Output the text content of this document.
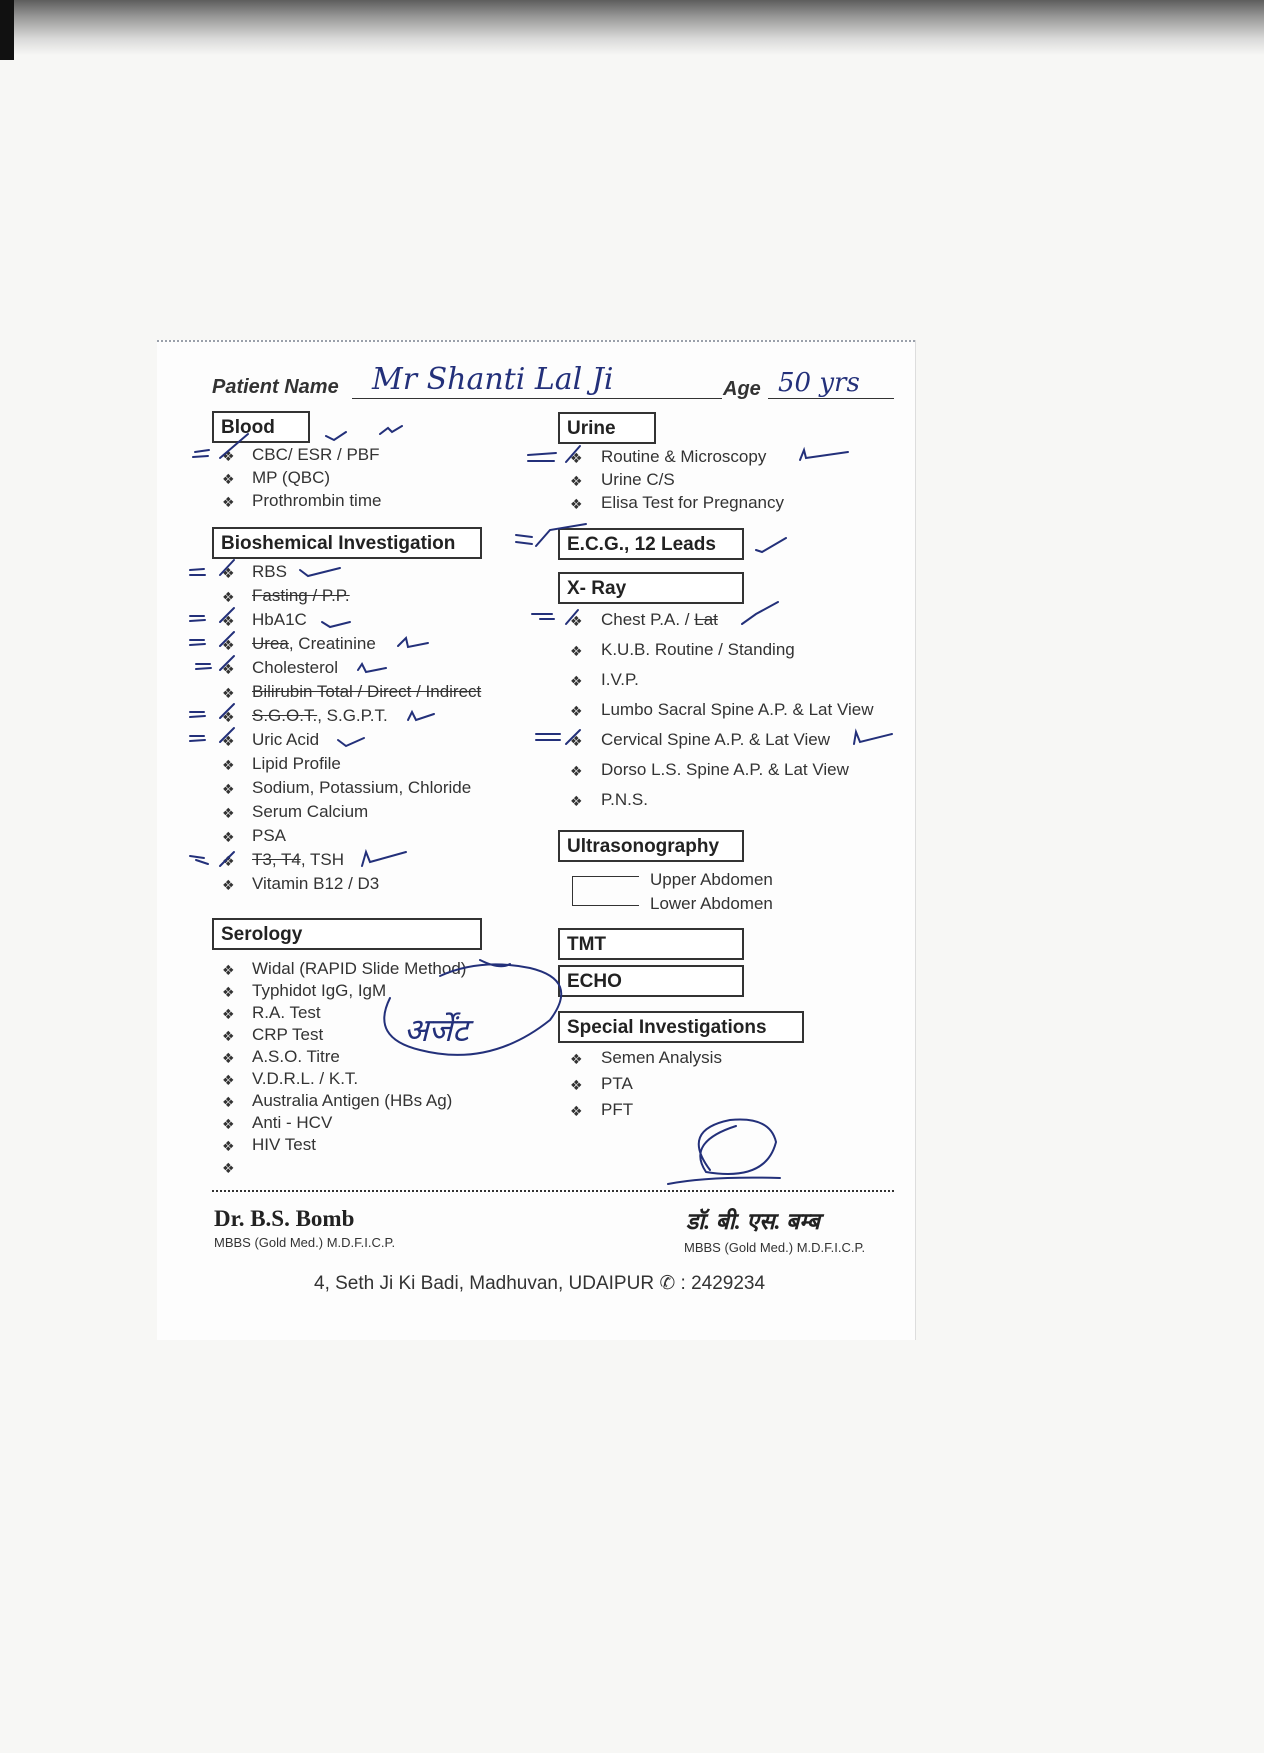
Patient Name Mr Shanti Lal Ji	Age 50 yrs
Blood
❖ CBC/ ESR / PBF
❖ MP (QBC)
❖ Prothrombin time
Bioshemical Investigation
❖ RBS
❖ Fasting / P.P.
❖ HbA1C
❖ Urea, Creatinine
❖ Cholesterol
❖ Bilirubin Total / Direct / Indirect
❖ S.G.O.T., S.G.P.T.
❖ Uric Acid
❖ Lipid Profile
❖ Sodium, Potassium, Chloride
❖ Serum Calcium
❖ PSA
❖ T3, T4, TSH
❖ Vitamin B12 / D3
Serology
❖ Widal (RAPID Slide Method)
❖ Typhidot IgG, IgM
❖ R.A. Test
❖ CRP Test
❖ A.S.O. Titre
❖ V.D.R.L. / K.T.
❖ Australia Antigen (HBs Ag)
❖ Anti - HCV
❖ HIV Test
❖
Urine
❖ Routine & Microscopy
❖ Urine C/S
❖ Elisa Test for Pregnancy
E.C.G., 12 Leads
X- Ray
❖ Chest P.A. / Lat
❖ K.U.B. Routine / Standing
❖ I.V.P.
❖ Lumbo Sacral Spine A.P. & Lat View
❖ Cervical Spine A.P. & Lat View
❖ Dorso L.S. Spine A.P. & Lat View
❖ P.N.S.
Ultrasonography
Upper Abdomen
Lower Abdomen
TMT
ECHO
Special Investigations
❖ Semen Analysis
❖ PTA
❖ PFT
अर्जेंट
Dr. B.S. Bomb
MBBS (Gold Med.) M.D.F.I.C.P.
डॉ. बी. एस. बम्ब
MBBS (Gold Med.) M.D.F.I.C.P.
4, Seth Ji Ki Badi, Madhuvan, UDAIPUR ✆ : 2429234
